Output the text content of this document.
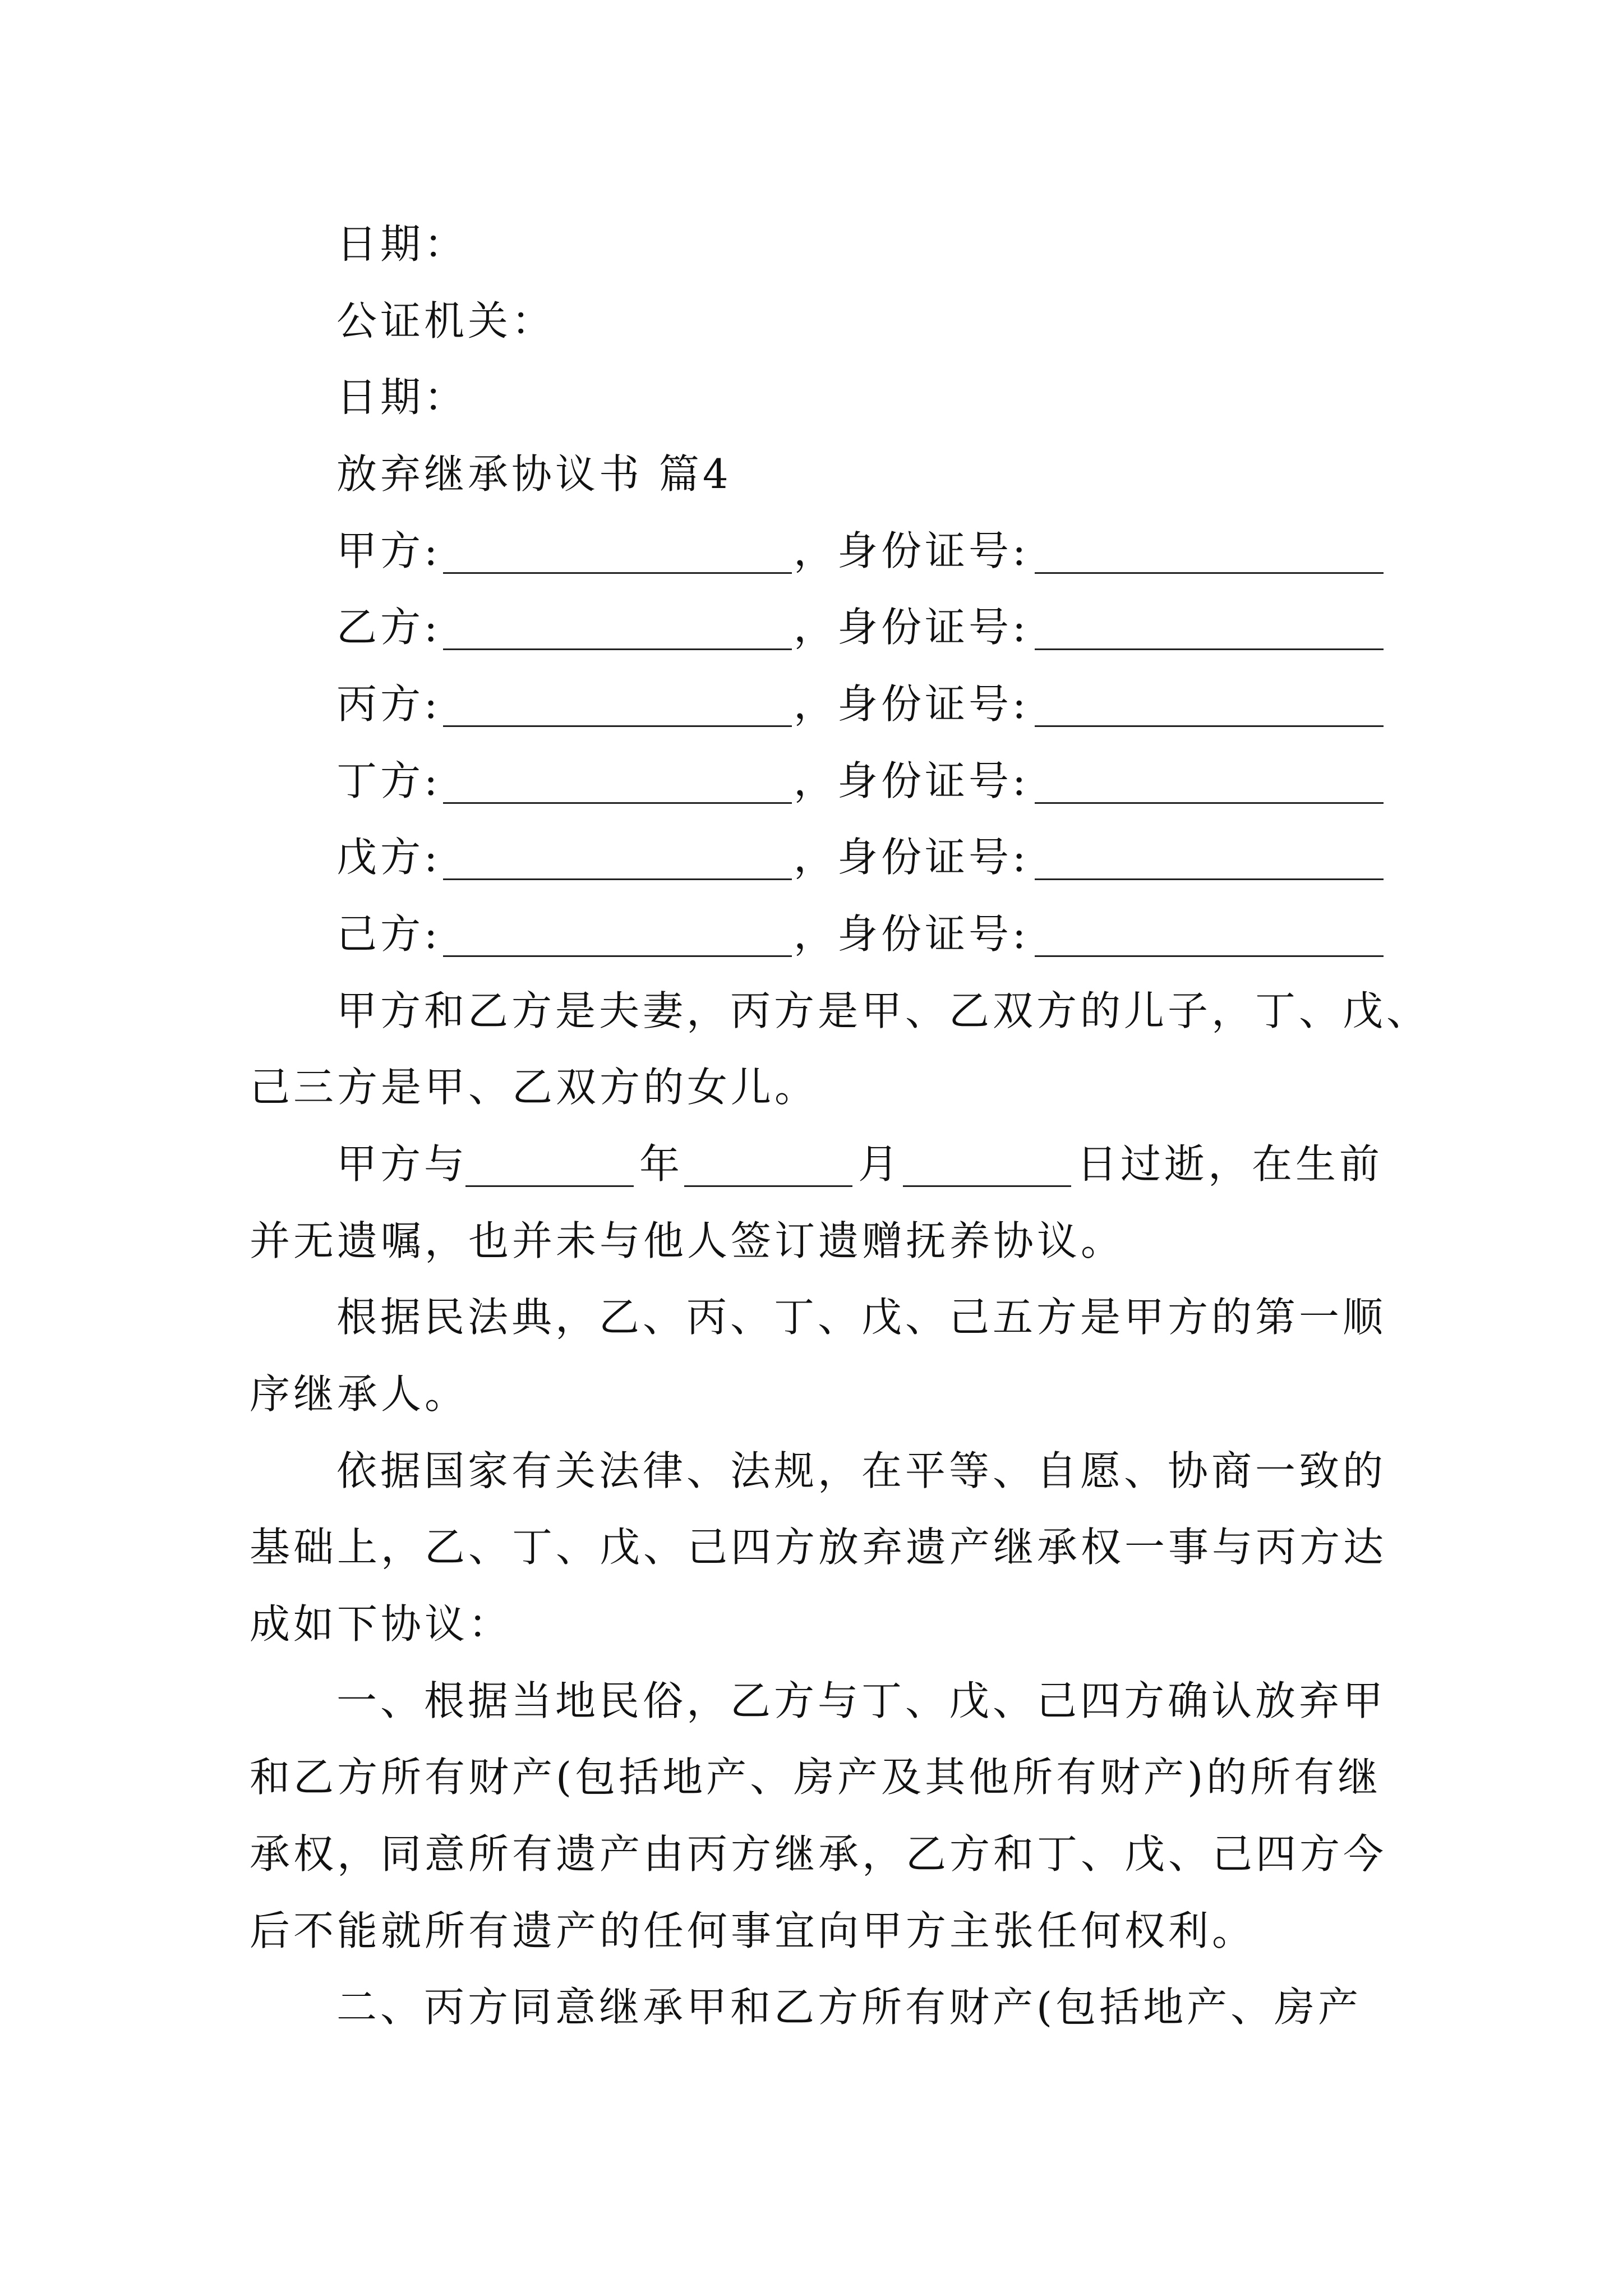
日期：
公证机关：
日期：
放弃继承协议书 篇4
甲方:	，身份证号:
乙方:	，身份证号:
丙方:	，身份证号:
丁方:	，身份证号:
戊方:	，身份证号:
己方:	，身份证号:
甲方和乙方是夫妻，丙方是甲、乙双方的儿子，丁、戊、
己三方是甲、乙双方的女儿。
甲方与	年	月	日过逝，在生前
并无遗嘱，也并未与他人签订遗赠抚养协议。
根据民法典，乙、丙、丁、戊、己五方是甲方的第一顺
序继承人。
依据国家有关法律、法规，在平等、自愿、协商一致的
基础上，乙、丁、戊、己四方放弃遗产继承权一事与丙方达
成如下协议：
一、根据当地民俗，乙方与丁、戊、己四方确认放弃甲
和乙方所有财产(包括地产、房产及其他所有财产)的所有继
承权，同意所有遗产由丙方继承，乙方和丁、戊、己四方今
后不能就所有遗产的任何事宜向甲方主张任何权利。
二、丙方同意继承甲和乙方所有财产(包括地产、房产
